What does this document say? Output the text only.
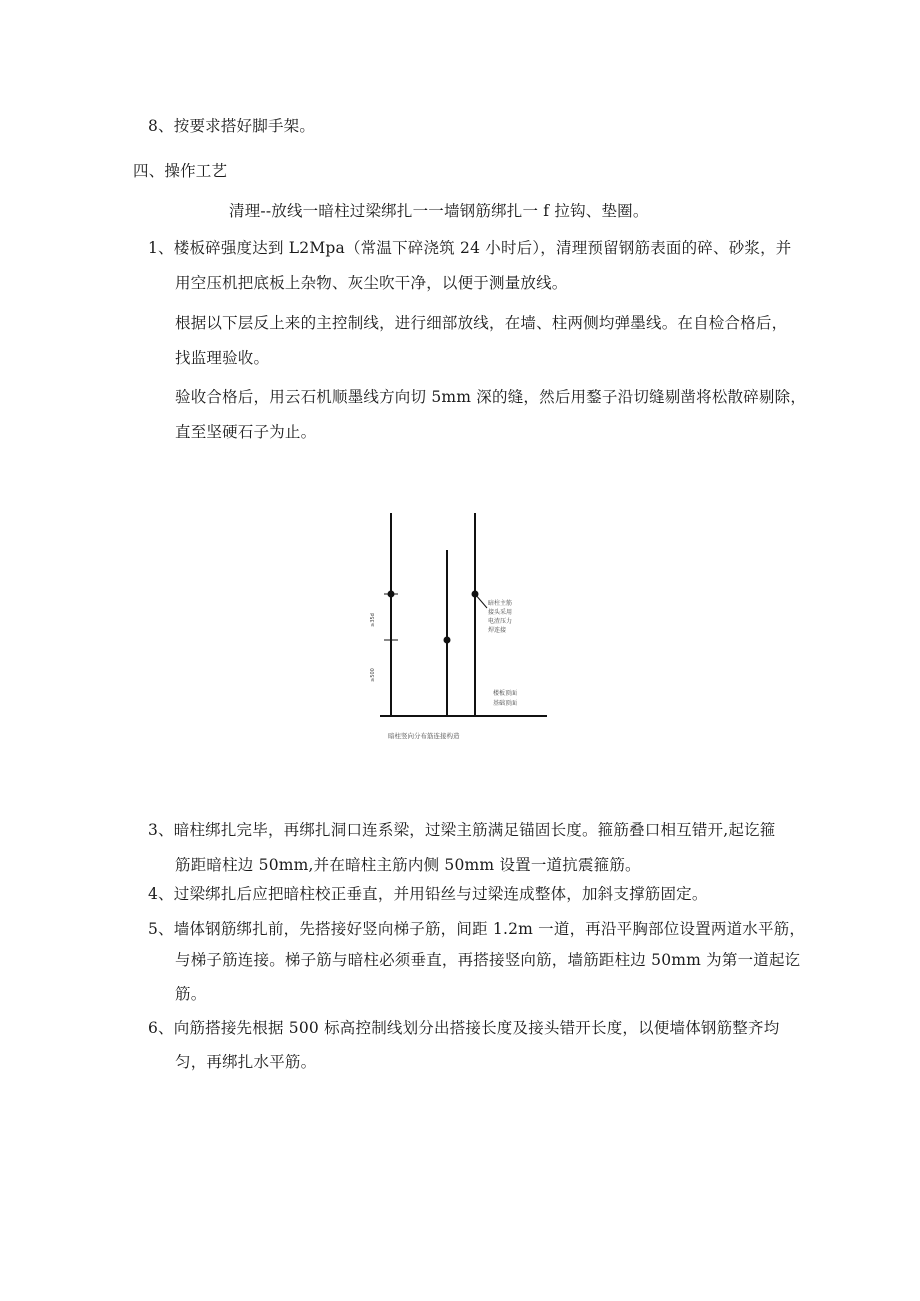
8、按要求搭好脚手架。
四、操作工艺
清理--放线一暗柱过梁绑扎一一墙钢筋绑扎一 f 拉钩、垫圈。
1、楼板碎强度达到 L2Mpa（常温下碎浇筑 24 小时后），清理预留钢筋表面的碎、砂浆，并
用空压机把底板上杂物、灰尘吹干净，以便于测量放线。
根据以下层反上来的主控制线，进行细部放线，在墙、柱两侧均弹墨线。在自检合格后，
找监理验收。
验收合格后，用云石机顺墨线方向切 5mm 深的缝，然后用鍪子沿切缝剔凿将松散碎剔除，
直至坚硬石子为止。
≥35d
≥500
暗柱主筋
接头采用
电渣压力
焊连接
楼板顶面
基础顶面
暗柱竖向分布筋连接构造
3、暗柱绑扎完毕，再绑扎洞口连系梁，过梁主筋满足锚固长度。箍筋叠口相互错开,起讫箍
筋距暗柱边 50mm,并在暗柱主筋内侧 50mm 设置一道抗震箍筋。
4、过梁绑扎后应把暗柱校正垂直，并用铅丝与过梁连成整体，加斜支撑筋固定。
5、墙体钢筋绑扎前，先搭接好竖向梯子筋，间距 1.2m 一道，再沿平胸部位设置两道水平筋，
与梯子筋连接。梯子筋与暗柱必须垂直，再搭接竖向筋，墙筋距柱边 50mm 为第一道起讫
筋。
6、向筋搭接先根据 500 标高控制线划分出搭接长度及接头错开长度，以便墙体钢筋整齐均
匀，再绑扎水平筋。
